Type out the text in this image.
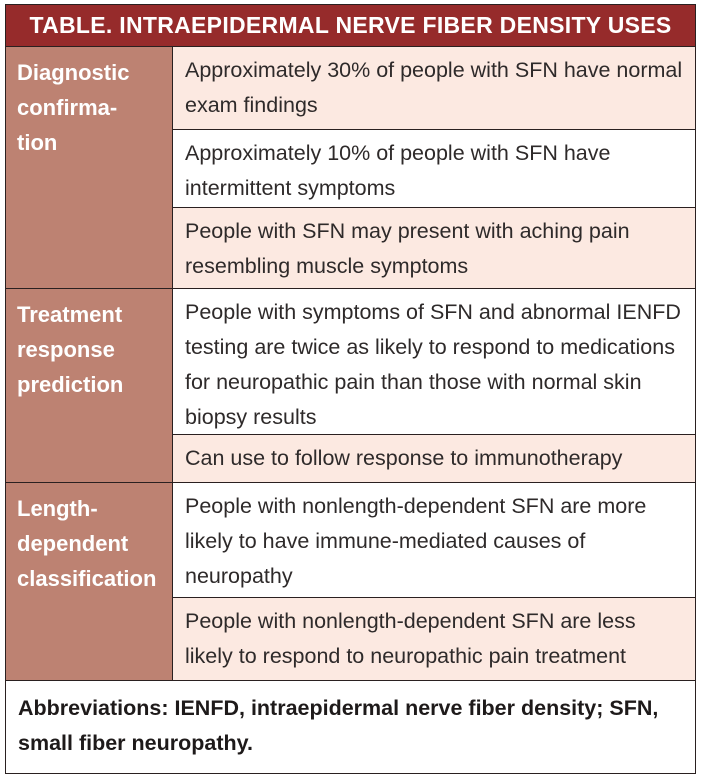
TABLE. INTRAEPIDERMAL NERVE FIBER DENSITY USES
Diagnostic
confirma-
tion
Approximately 30% of people with SFN have normal exam findings
Approximately 10% of people with SFN have intermittent symptoms
People with SFN may present with aching pain resembling muscle symptoms
Treatment
response
prediction
People with symptoms of SFN and abnormal IENFD testing are twice as likely to respond to medications for neuropathic pain than those with normal skin biopsy results
Can use to follow response to immunotherapy
Length-
dependent
classification
People with nonlength-dependent SFN are more likely to have immune-mediated causes of neuropathy
People with nonlength-dependent SFN are less likely to respond to neuropathic pain treatment
Abbreviations: IENFD, intraepidermal nerve fiber density; SFN, small fiber neuropathy.
